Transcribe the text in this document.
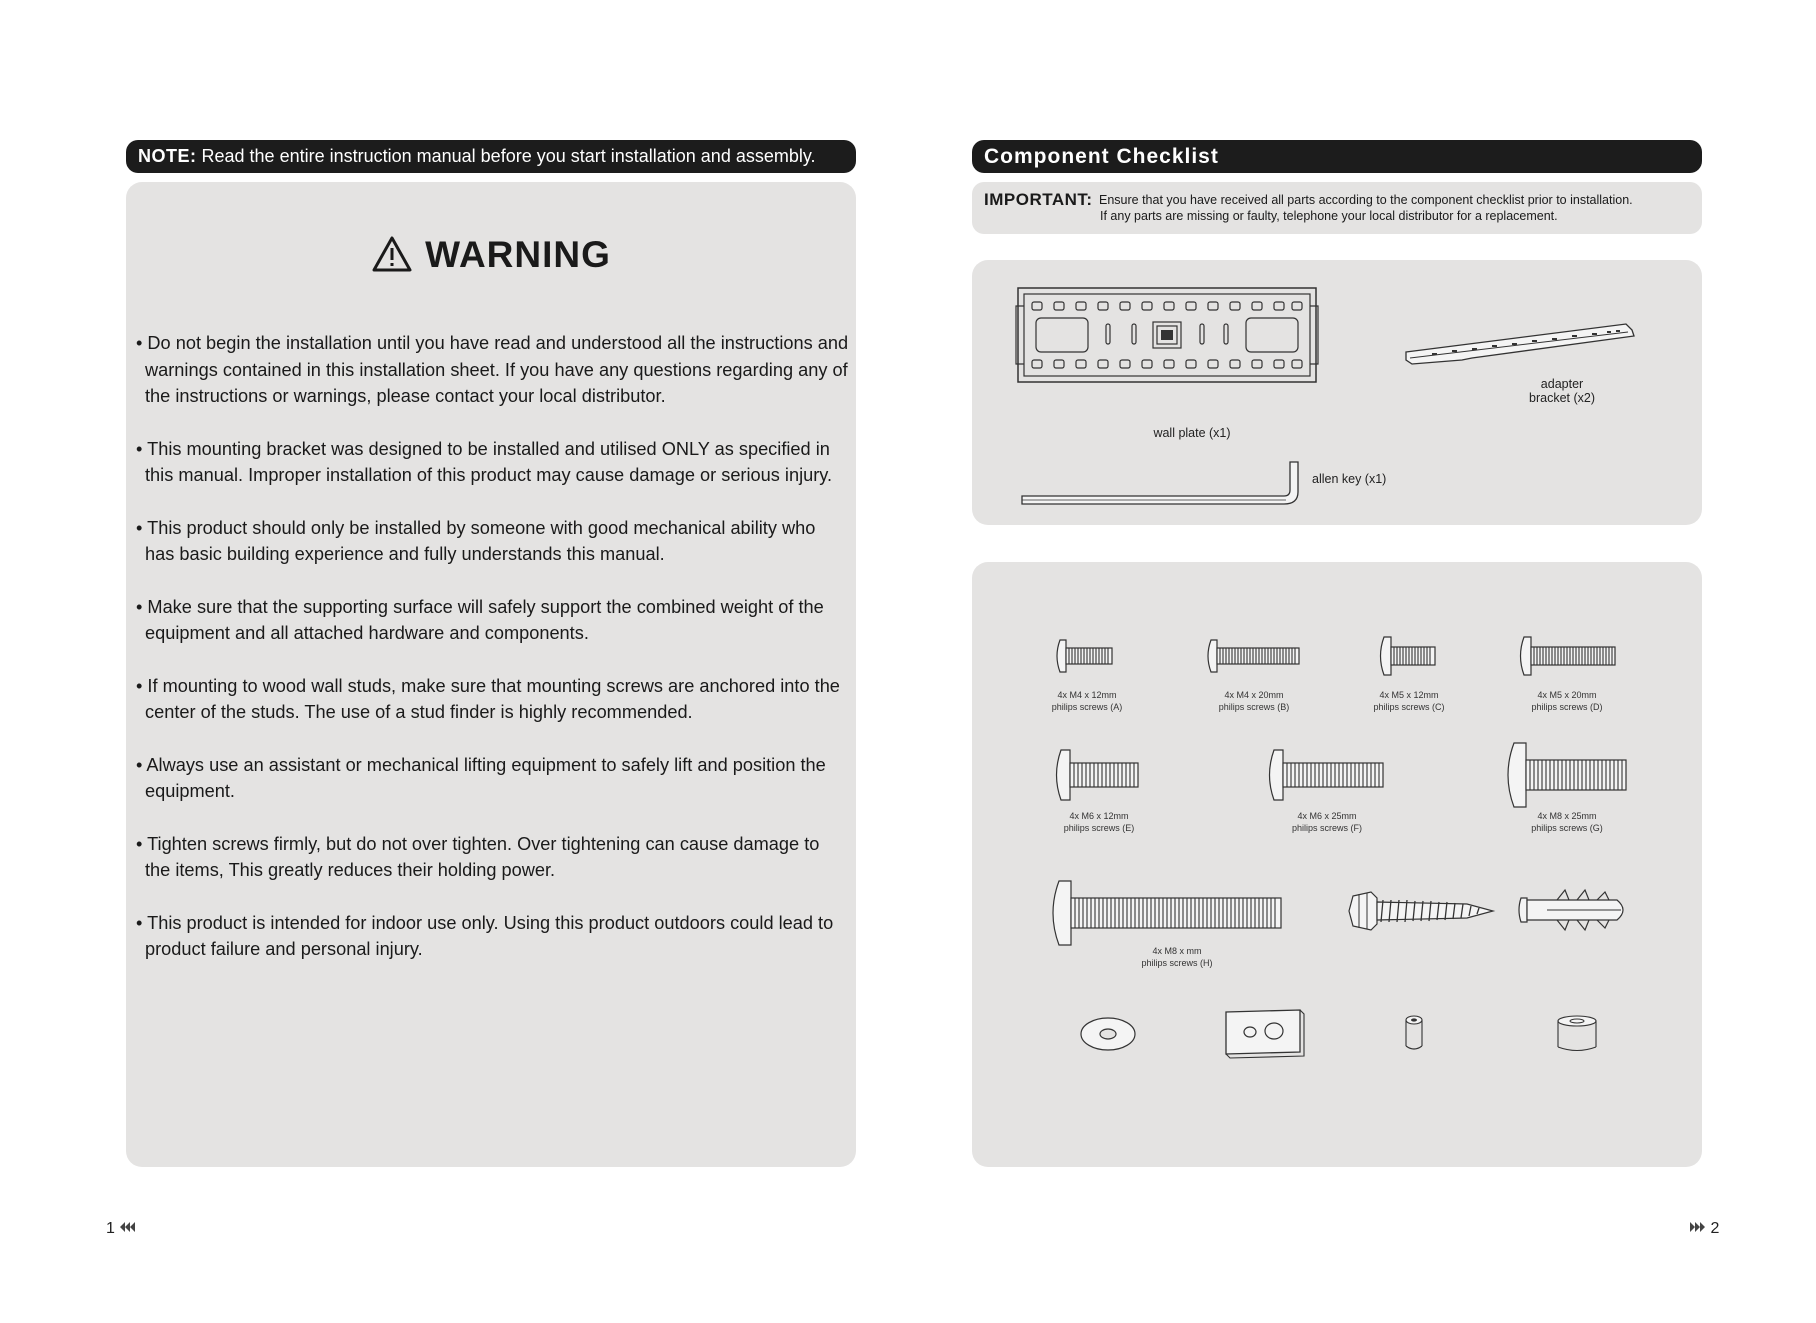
NOTE: Read the entire instruction manual before you start installation and assembly.
WARNING
• Do not begin the installation until you have read and understood all the instructions and warnings contained in this installation sheet. If you have any questions regarding any of the instructions or warnings, please contact your local distributor.
• This mounting bracket was designed to be installed and utilised ONLY as specified in this manual. Improper installation of this product may cause damage or serious injury.
• This product should only be installed by someone with good mechanical ability who has basic building experience and fully understands this manual.
• Make sure that the supporting surface will safely support the combined weight of the equipment and all attached hardware and components.
• If mounting to wood wall studs, make sure that mounting screws are anchored into the center of the studs. The use of a stud finder is highly recommended.
• Always use an assistant or mechanical lifting equipment to safely lift and position the equipment.
• Tighten screws firmly, but do not over tighten. Over tightening can cause damage to the items, This greatly reduces their holding power.
• This product is intended for indoor use only. Using this product outdoors could lead to product failure and personal injury.
1
Component Checklist
IMPORTANT: Ensure that you have received all parts according to the component checklist prior to installation.
If any parts are missing or faulty, telephone your local distributor for a replacement.
wall plate (x1)
adapter
bracket (x2)
allen key (x1)
4x M4 x 12mm
philips screws (A)
4x M4 x 20mm
philips screws (B)
4x M5 x 12mm
philips screws (C)
4x M5 x 20mm
philips screws (D)
4x M6 x 12mm
philips screws (E)
4x M6 x 25mm
philips screws (F)
4x M8 x 25mm
philips screws (G)
4x M8 x mm
philips screws (H)
2
